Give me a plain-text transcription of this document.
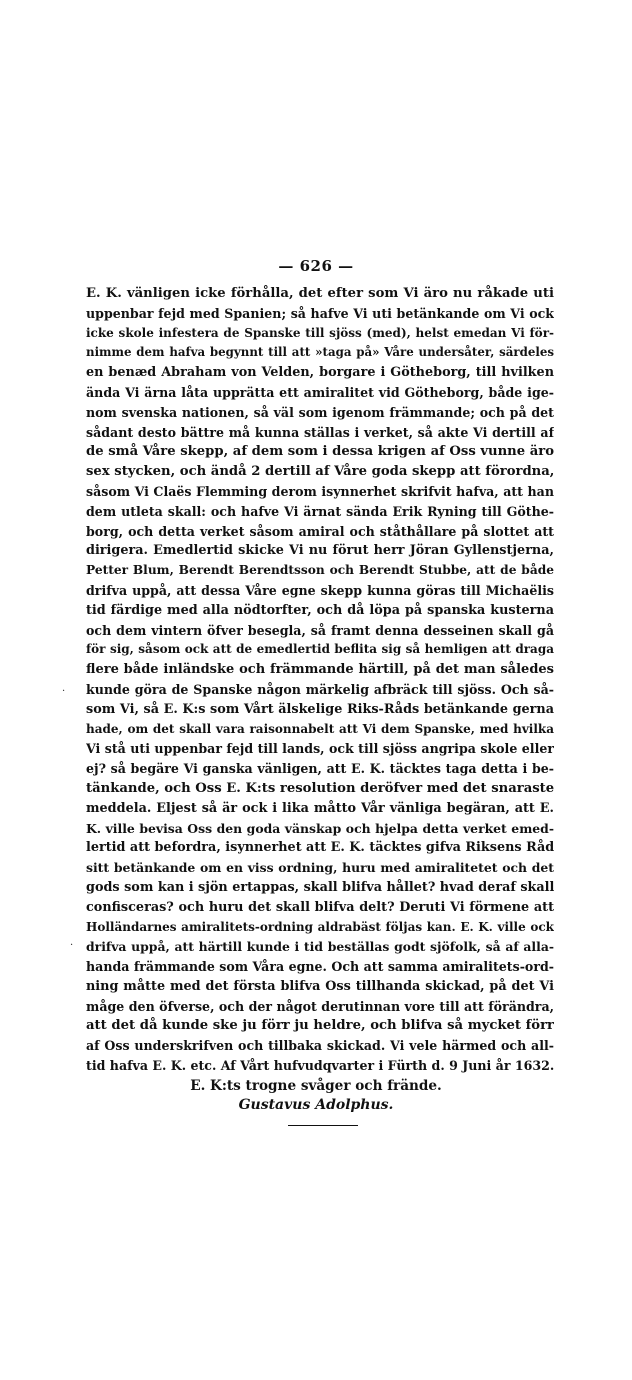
— 626 —
E. K. vänligen icke förhålla, det efter som Vi äro nu råkade uti
uppenbar fejd med Spanien; så hafve Vi uti betänkande om Vi ock
icke skole infestera de Spanske till sjöss (med), helst emedan Vi för-
nimme dem hafva begynnt till att »taga på» Våre undersåter, särdeles
en benæd Abraham von Velden, borgare i Götheborg, till hvilken
ända Vi ärna låta upprätta ett amiralitet vid Götheborg, både ige-
nom svenska nationen, så väl som igenom främmande; och på det
sådant desto bättre må kunna ställas i verket, så akte Vi dertill af
de små Våre skepp, af dem som i dessa krigen af Oss vunne äro
sex stycken, och ändå 2 dertill af Våre goda skepp att förordna,
såsom Vi Claës Flemming derom isynnerhet skrifvit hafva, att han
dem utleta skall: och hafve Vi ärnat sända Erik Ryning till Göthe-
borg, och detta verket såsom amiral och ståthållare på slottet att
dirigera. Emedlertid skicke Vi nu förut herr Jöran Gyllenstjerna,
Petter Blum, Berendt Berendtsson och Berendt Stubbe, att de både
drifva uppå, att dessa Våre egne skepp kunna göras till Michaëlis
tid färdige med alla nödtorfter, och då löpa på spanska kusterna
och dem vintern öfver besegla, så framt denna desseinen skall gå
för sig, såsom ock att de emedlertid beflita sig så hemligen att draga
flere både inländske och främmande härtill, på det man således
kunde göra de Spanske någon märkelig afbräck till sjöss. Och så-
som Vi, så E. K:s som Vårt älskelige Riks-Råds betänkande gerna
hade, om det skall vara raisonnabelt att Vi dem Spanske, med hvilka
Vi stå uti uppenbar fejd till lands, ock till sjöss angripa skole eller
ej? så begäre Vi ganska vänligen, att E. K. täcktes taga detta i be-
tänkande, och Oss E. K:ts resolution deröfver med det snaraste
meddela. Eljest så är ock i lika måtto Vår vänliga begäran, att E.
K. ville bevisa Oss den goda vänskap och hjelpa detta verket emed-
lertid att befordra, isynnerhet att E. K. täcktes gifva Riksens Råd
sitt betänkande om en viss ordning, huru med amiralitetet och det
gods som kan i sjön ertappas, skall blifva hållet? hvad deraf skall
confisceras? och huru det skall blifva delt? Deruti Vi förmene att
Holländarnes amiralitets-ordning aldrabäst följas kan. E. K. ville ock
drifva uppå, att härtill kunde i tid beställas godt sjöfolk, så af alla-
handa främmande som Våra egne. Och att samma amiralitets-ord-
ning måtte med det första blifva Oss tillhanda skickad, på det Vi
måge den öfverse, och der något derutinnan vore till att förändra,
att det då kunde ske ju förr ju heldre, och blifva så mycket förr
af Oss underskrifven och tillbaka skickad. Vi vele härmed och all-
tid hafva E. K. etc. Af Vårt hufvudqvarter i Fürth d. 9 Juni år 1632.
E. K:ts trogne svåger och frände.
Gustavus Adolphus.
·
·
